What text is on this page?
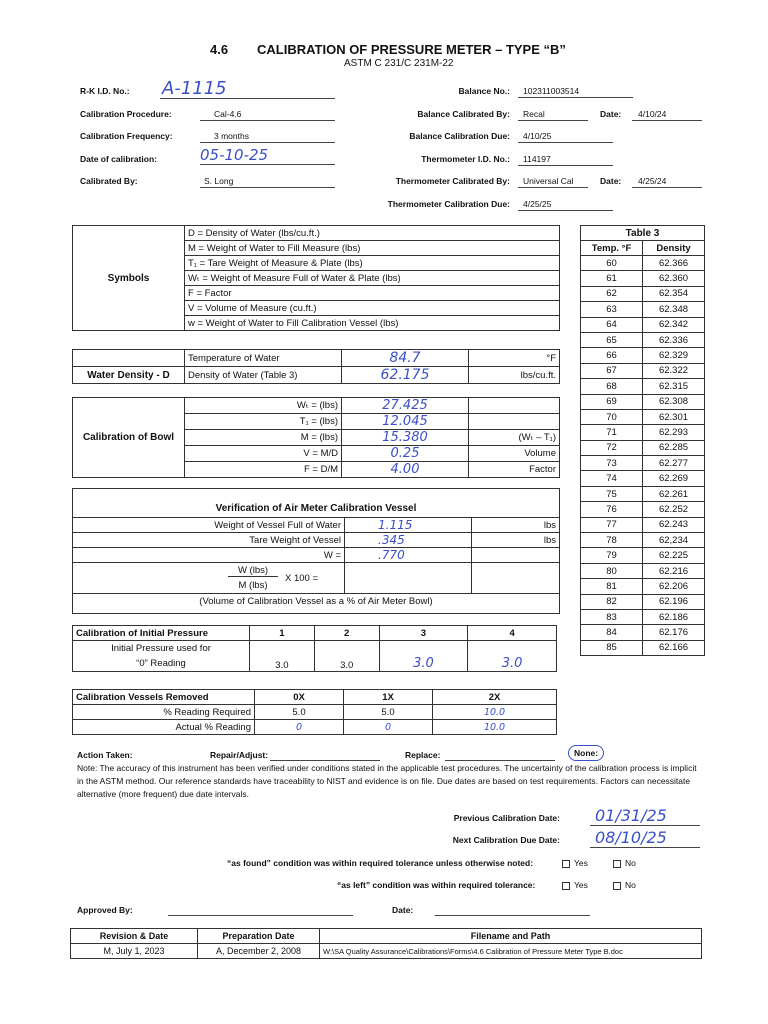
4.6 CALIBRATION OF PRESSURE METER – TYPE “B”
ASTM C 231/C 231M-22
R-K I.D. No.: A-1115
Calibration Procedure:	Cal-4.6
Calibration Frequency:	3 months
Date of calibration:	05-10-25
Calibrated By:	S. Long
Balance No.: 102311003514
Balance Calibrated By: Recal	Date: 4/10/24
Balance Calibration Due: 4/10/25
Thermometer I.D. No.: 114197
Thermometer Calibrated By: Universal Cal	Date: 4/25/24
Thermometer Calibration Due: 4/25/25
Symbols	D = Density of Water (lbs/cu.ft.)
M = Weight of Water to Fill Measure (lbs)
T₁ = Tare Weight of Measure & Plate (lbs)
Wₜ = Weight of Measure Full of Water & Plate (lbs)
F = Factor
V = Volume of Measure (cu.ft.)
w = Weight of Water to Fill Calibration Vessel (lbs)
	Temperature of Water	84.7	°F
Water Density - D	Density of Water (Table 3)	62.175	lbs/cu.ft.
Calibration of Bowl	Wₜ = (lbs)	27.425	
	T₁ = (lbs)	12.045	
	M = (lbs)	15.380	(Wₜ – T₁)
	V = M/D	0.25	Volume
	F = D/M	4.00	Factor
Verification of Air Meter Calibration Vessel
Weight of Vessel Full of Water	1.115	lbs
Tare Weight of Vessel	.345	lbs
W =	.770	

W (lbs)
M (lbs)
X 100 =		

(Volume of Calibration Vessel as a % of Air Meter Bowl)		
Calibration of Initial Pressure	1	2	3	4

Initial Pressure used for
“0” Reading	3.0	3.0	3.0	3.0
Calibration Vessels Removed	0X	1X	2X
% Reading Required	5.0	5.0	10.0
Actual % Reading	0	0	10.0
Action Taken:	Repair/Adjust:	Replace:	None:
Note: The accuracy of this instrument has been verified under conditions stated in the applicable test procedures. The uncertainty of the calibration process is implicit in the ASTM method. Our reference standards have traceability to NIST and evidence is on file. Due dates are based on test requirements. Factors can necessitate alternative (more frequent) due date intervals.
Previous Calibration Date: 01/31/25
Next Calibration Due Date: 08/10/25
“as found” condition was within required tolerance unless otherwise noted:	Yes	No
“as left” condition was within required tolerance:	Yes	No
Approved By:	Date:
Revision & Date	Preparation Date	Filename and Path
M, July 1, 2023	A, December 2, 2008	W:\SA Quality Assurance\Calibrations\Forms\4.6 Calibration of Pressure Meter Type B.doc
Table 3	
Temp. °F	Density
60	62.366
61	62.360
62	62.354
63	62.348
64	62.342
65	62.336
66	62.329
67	62.322
68	62.315
69	62.308
70	62.301
71	62.293
72	62.285
73	62.277
74	62.269
75	62.261
76	62.252
77	62.243
78	62,234
79	62.225
80	62.216
81	62.206
82	62.196
83	62.186
84	62.176
85	62.166
